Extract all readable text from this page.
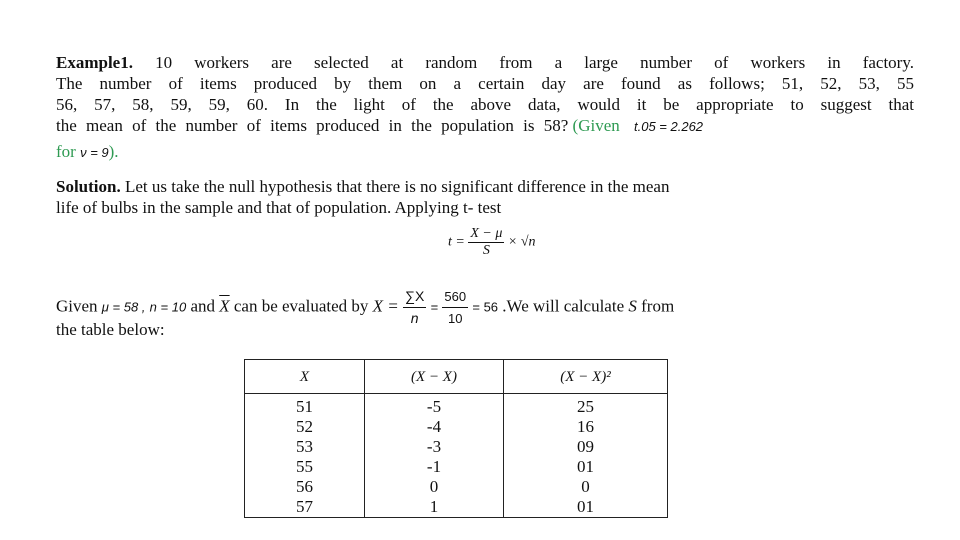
Example1. 10 workers are selected at random from a large number of workers in factory.
The number of items produced by them on a certain day are found as follows; 51, 52, 53, 55
56, 57, 58, 59, 59, 60. In the light of the above data, would it be appropriate to suggest that
the mean of the number of items produced in the population is 58? (Given t.05 = 2.262
for ν = 9).
Solution. Let us take the null hypothesis that there is no significant difference in the mean
life of bulbs in the sample and that of population. Applying t- test
$t = \frac{X - \mu}{S} \times √n$
Given μ = 58 , n = 10 and $\overline{X}$ can be evaluated by $X = \frac{\sum X}{n} = \frac{560}{10} = 56$ .We will calculate S from
the table below:
X	(X − X)	(X − X)²
51	-5	25
52	-4	16
53	-3	09
55	-1	01
56	0	0
57	1	01
